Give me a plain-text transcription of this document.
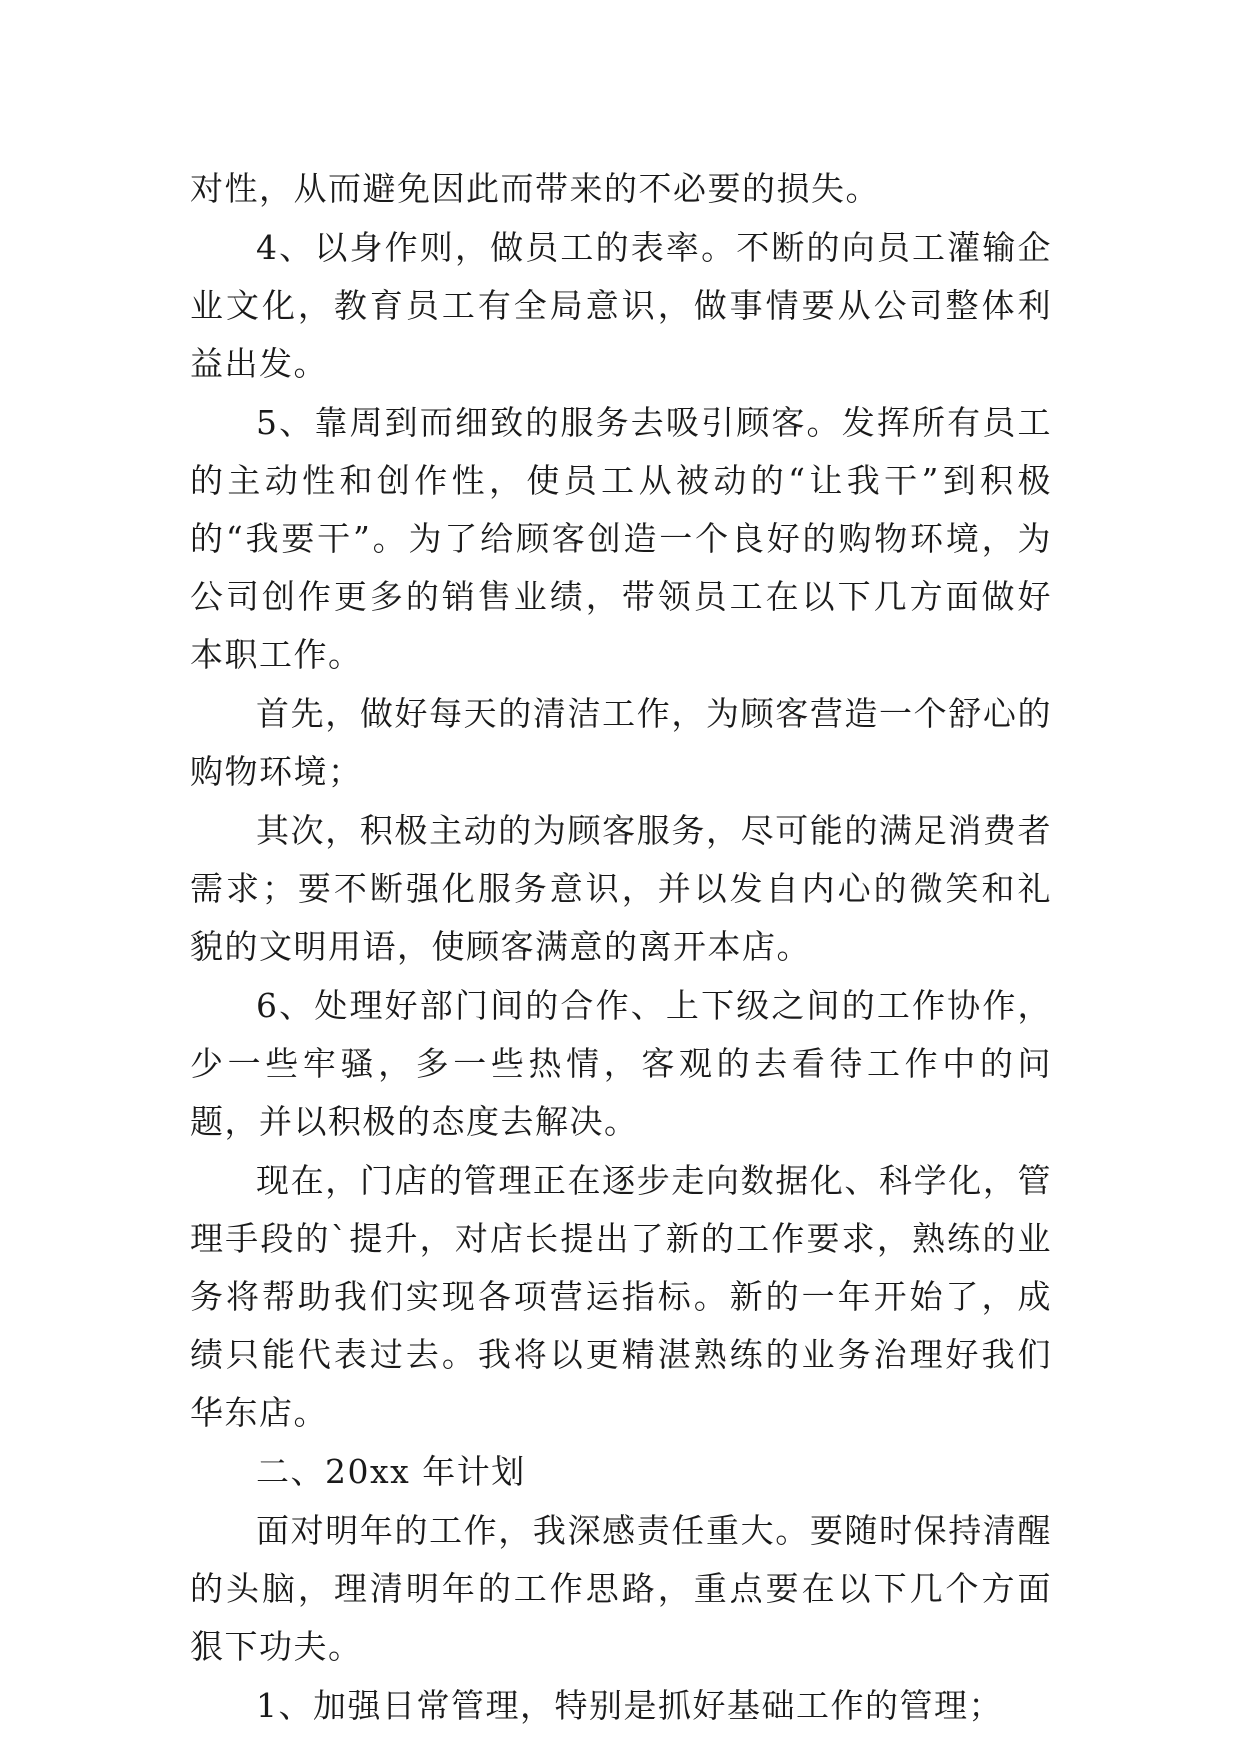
对性，从而避免因此而带来的不必要的损失。

4、以身作则，做员工的表率。不断的向员工灌输企业文化，教育员工有全局意识，做事情要从公司整体利益出发。

5、靠周到而细致的服务去吸引顾客。发挥所有员工的主动性和创作性，使员工从被动的“让我干”到积极的“我要干”。为了给顾客创造一个良好的购物环境，为公司创作更多的销售业绩，带领员工在以下几方面做好本职工作。

首先，做好每天的清洁工作，为顾客营造一个舒心的购物环境；

其次，积极主动的为顾客服务，尽可能的满足消费者需求；要不断强化服务意识，并以发自内心的微笑和礼貌的文明用语，使顾客满意的离开本店。

6、处理好部门间的合作、上下级之间的工作协作，少一些牢骚，多一些热情，客观的去看待工作中的问题，并以积极的态度去解决。

现在，门店的管理正在逐步走向数据化、科学化，管理手段的`提升，对店长提出了新的工作要求，熟练的业务将帮助我们实现各项营运指标。新的一年开始了，成绩只能代表过去。我将以更精湛熟练的业务治理好我们华东店。

二、20xx 年计划

面对明年的工作，我深感责任重大。要随时保持清醒的头脑，理清明年的工作思路，重点要在以下几个方面狠下功夫。

1、加强日常管理，特别是抓好基础工作的管理；
